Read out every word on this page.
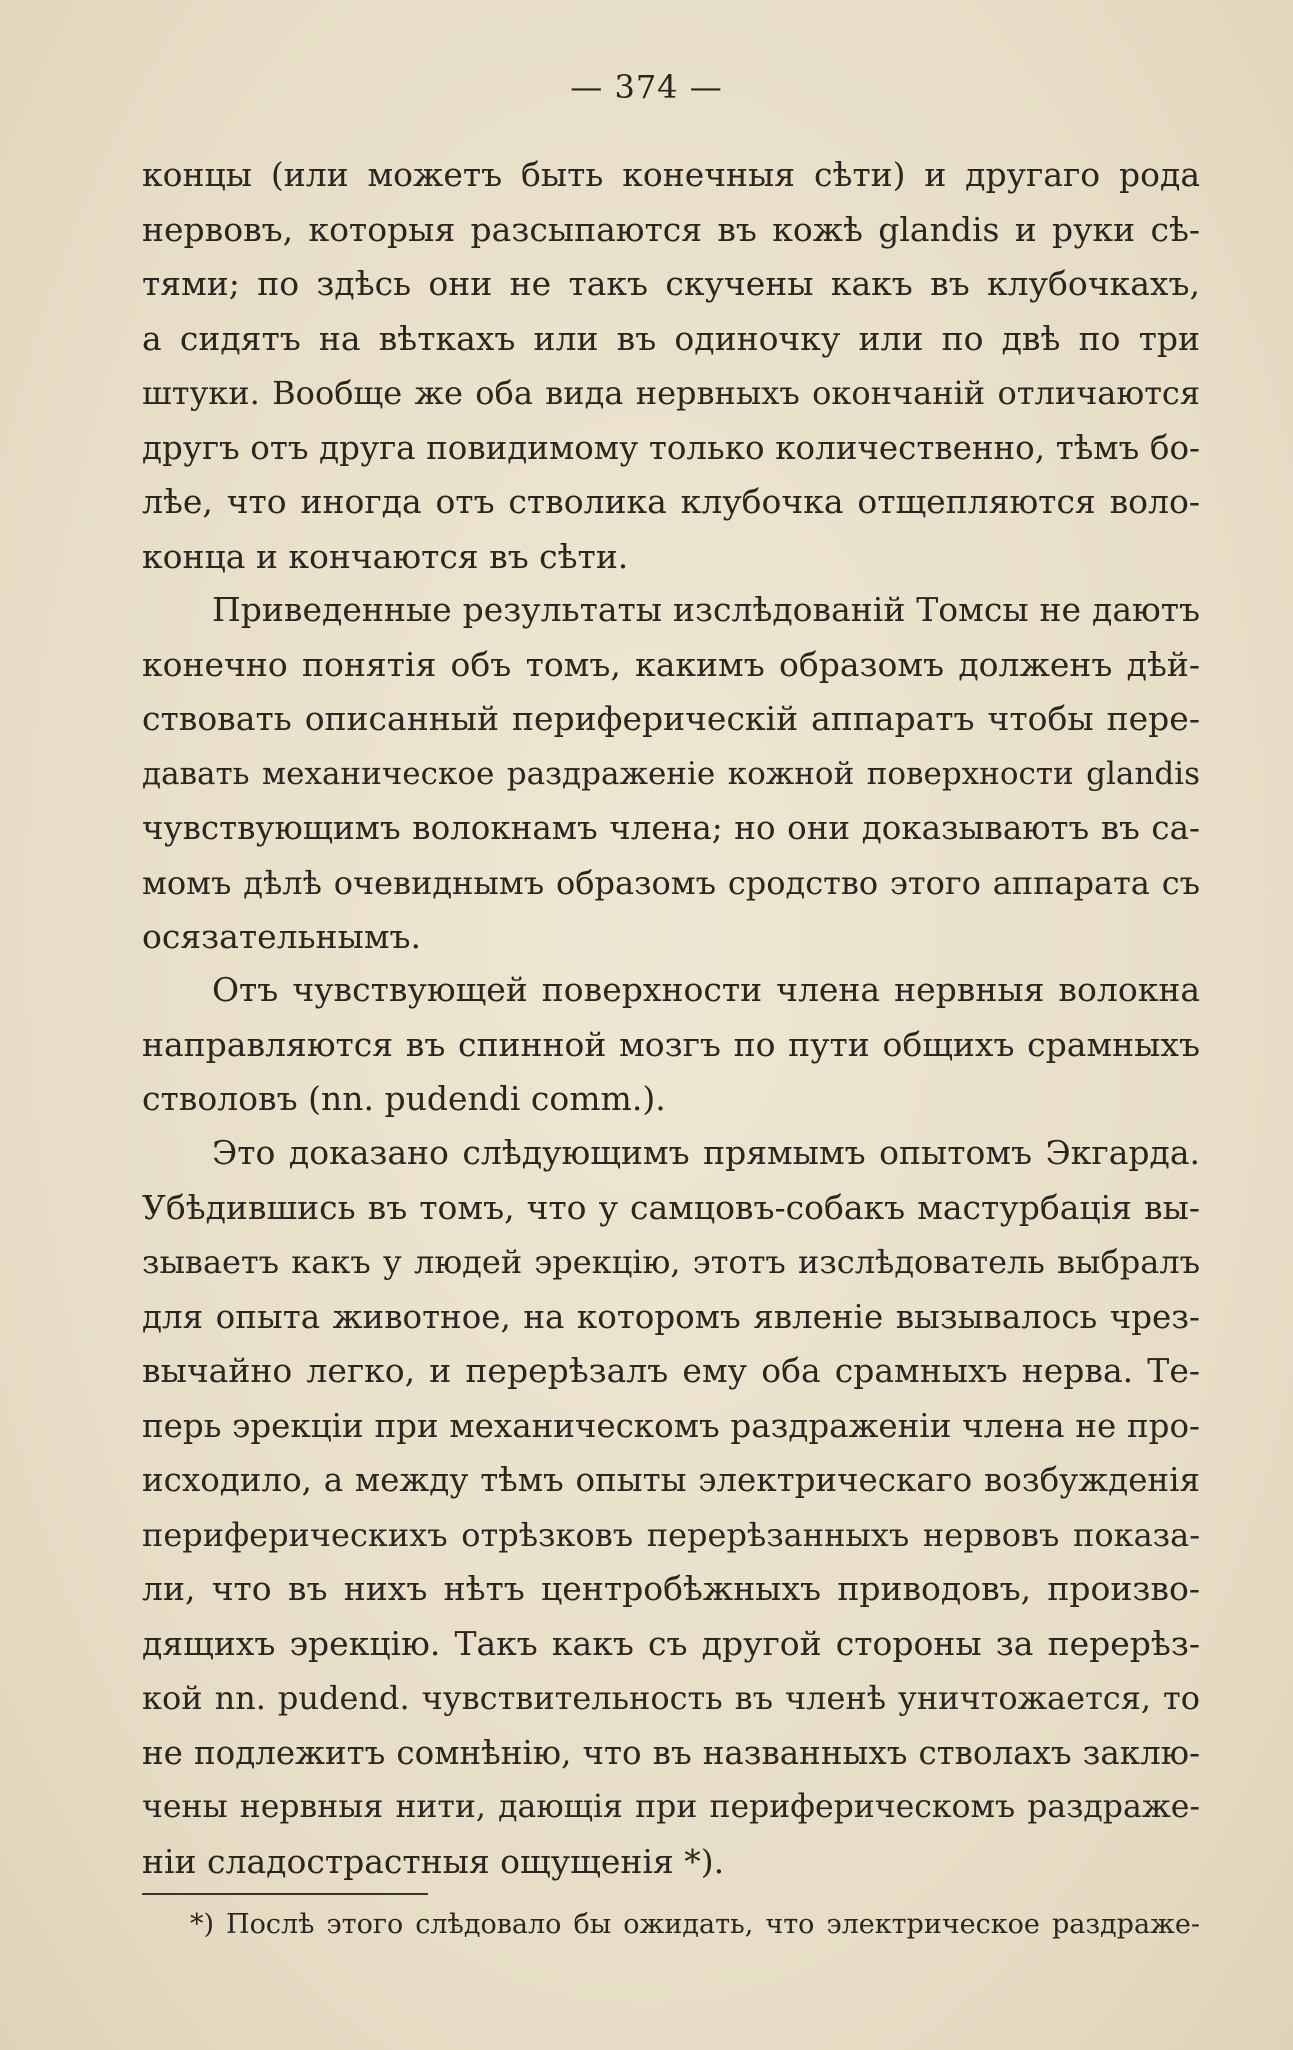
— 374 —
концы (или можетъ быть конечныя сѣти) и другаго рода
нервовъ, которыя разсыпаются въ кожѣ glandis и руки сѣ-
тями; по здѣсь они не такъ скучены какъ въ клубочкахъ,
а сидятъ на вѣткахъ или въ одиночку или по двѣ по три
штуки. Вообще же оба вида нервныхъ окончаній отличаются
другъ отъ друга повидимому только количественно, тѣмъ бо-
лѣе, что иногда отъ стволика клубочка отщепляются воло-
конца и кончаются въ сѣти.
Приведенные результаты изслѣдованій Томсы не даютъ
конечно понятія объ томъ, какимъ образомъ долженъ дѣй-
ствовать описанный периферическій аппаратъ чтобы пере-
давать механическое раздраженіе кожной поверхности glandis
чувствующимъ волокнамъ члена; но они доказываютъ въ са-
момъ дѣлѣ очевиднымъ образомъ сродство этого аппарата съ
осязательнымъ.
Отъ чувствующей поверхности члена нервныя волокна
направляются въ спинной мозгъ по пути общихъ срамныхъ
стволовъ (nn. pudendi comm.).
Это доказано слѣдующимъ прямымъ опытомъ Экгарда.
Убѣдившись въ томъ, что у самцовъ-собакъ мастурбація вы-
зываетъ какъ у людей эрекцію, этотъ изслѣдователь выбралъ
для опыта животное, на которомъ явленіе вызывалось чрез-
вычайно легко, и перерѣзалъ ему оба срамныхъ нерва. Те-
перь эрекціи при механическомъ раздраженіи члена не про-
исходило, а между тѣмъ опыты электрическаго возбужденія
периферическихъ отрѣзковъ перерѣзанныхъ нервовъ показа-
ли, что въ нихъ нѣтъ центробѣжныхъ приводовъ, произво-
дящихъ эрекцію. Такъ какъ съ другой стороны за перерѣз-
кой nn. pudend. чувствительность въ членѣ уничтожается, то
не подлежитъ сомнѣнію, что въ названныхъ стволахъ заклю-
чены нервныя нити, дающія при периферическомъ раздраже-
ніи сладострастныя ощущенія *).
*) Послѣ этого слѣдовало бы ожидать, что электрическое раздраже-
